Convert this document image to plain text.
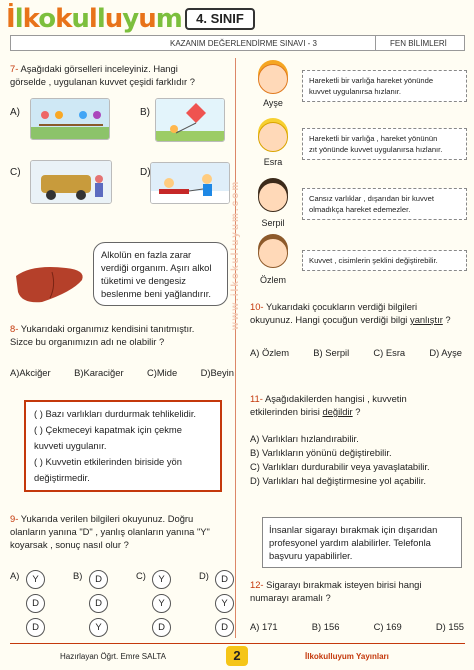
İlkokulluyum	4. SINIF
KAZANIM DEĞERLENDİRME SINAVI - 3	FEN BİLİMLERİ
www.ilkokulluyum.com
7- Aşağıdaki görselleri inceleyiniz. Hangi
görselde , uygulanan kuvvet çeşidi farklıdır ?
A)	B)
C)	D)
Alkolün en fazla zarar
verdiği organım. Aşırı alkol
tüketimi ve dengesiz
beslenme beni yağlandırır.
8- Yukarıdaki organımız kendisini tanıtmıştır.
Sizce bu organımızın adı ne olabilir ?
A)Akciğer B)Karaciğer C)Mide D)Beyin
( ) Bazı varlıkları durdurmak tehlikelidir.
( ) Çekmeceyi kapatmak için çekme
kuvveti uygulanır.
( ) Kuvvetin etkilerinden biriside yön
değiştirmedir.
9- Yukarıda verilen bilgileri okuyunuz. Doğru
olanların yanına "D" , yanlış olanların yanına "Y"
koyarsak , sonuç nasıl olur ?
A)	Y
D
D
B)	D
D
Y
C)	Y
Y
D
D)	D
Y
D
Ayşe
Hareketli bir varlığa hareket yönünde
kuvvet uygulanırsa hızlanır.
Esra
Hareketli bir varlığa , hareket yönünün
zıt yönünde kuvvet uygulanırsa hızlanır.
Serpil
Cansız varlıklar , dışarıdan bir kuvvet
olmadıkça hareket edemezler.
Özlem
Kuvvet , cisimlerin şeklini değiştirebilir.
10- Yukarıdaki çocukların verdiği bilgileri
okuyunuz. Hangi çocuğun verdiği bilgi yanlıştır ?
A) Özlem	B) Serpil	C) Esra	D) Ayşe
11- Aşağıdakilerden hangisi , kuvvetin
etkilerinden birisi değildir ?
A) Varlıkları hızlandırabilir.
B) Varlıkların yönünü değiştirebilir.
C) Varlıkları durdurabilir veya yavaşlatabilir.
D) Varlıkları hal değiştirmesine yol açabilir.
İnsanlar sigarayı bırakmak için dışarıdan
profesyonel yardım alabilirler. Telefonla
başvuru yapabilirler.
12- Sigarayı bırakmak isteyen birisi hangi
numarayı aramalı ?
A) 171	B) 156	C) 169	D) 155
Hazırlayan Öğrt. Emre SALTA	2	İlkokulluyum Yayınları
